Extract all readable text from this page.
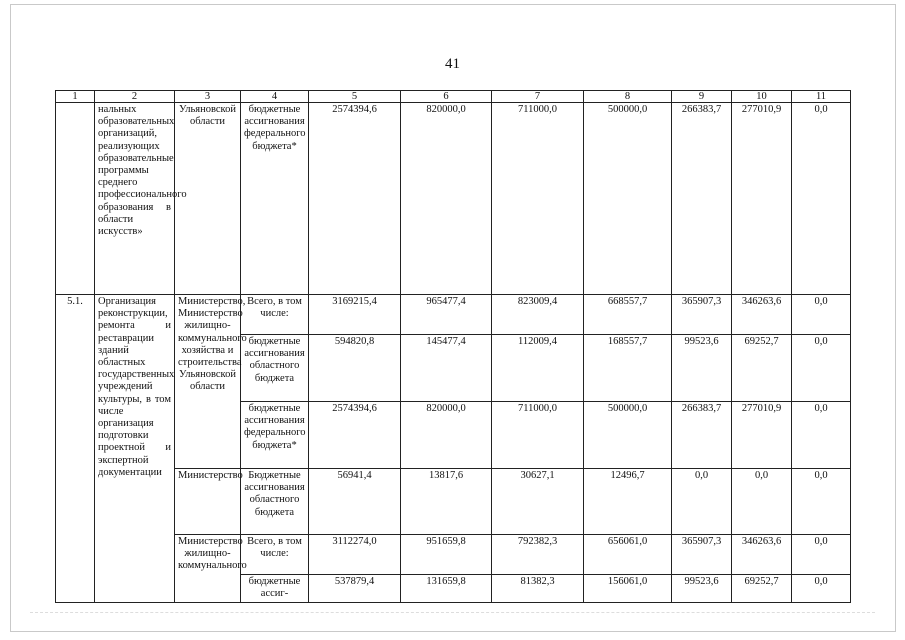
41
1	2	3	4	5	6	7	8	9	10	11
	нальных образовательных организаций, реализующих образовательные программы среднего профессионального образования в области искусств»	Ульяновской области	бюджетные ассигнования федерального бюджета*	2574394,6	820000,0	711000,0	500000,0	266383,7	277010,9	0,0
5.1.	Организация реконструкции, ремонта и реставрации зданий областных государственных учреждений культуры, в том числе организация подготовки проектной и экспертной документации	Министерство, Министерство жилищно-коммунального хозяйства и строительства Ульяновской области	Всего, в том числе:	3169215,4	965477,4	823009,4	668557,7	365907,3	346263,6	0,0
			бюджетные ассигнования областного бюджета	594820,8	145477,4	112009,4	168557,7	99523,6	69252,7	0,0
			бюджетные ассигнования федерального бюджета*	2574394,6	820000,0	711000,0	500000,0	266383,7	277010,9	0,0
		Министерство	Бюджетные ассигнования областного бюджета	56941,4	13817,6	30627,1	12496,7	0,0	0,0	0,0
		Министерство жилищно-коммунального	Всего, в том числе:	3112274,0	951659,8	792382,3	656061,0	365907,3	346263,6	0,0
			бюджетные ассиг-	537879,4	131659,8	81382,3	156061,0	99523,6	69252,7	0,0
